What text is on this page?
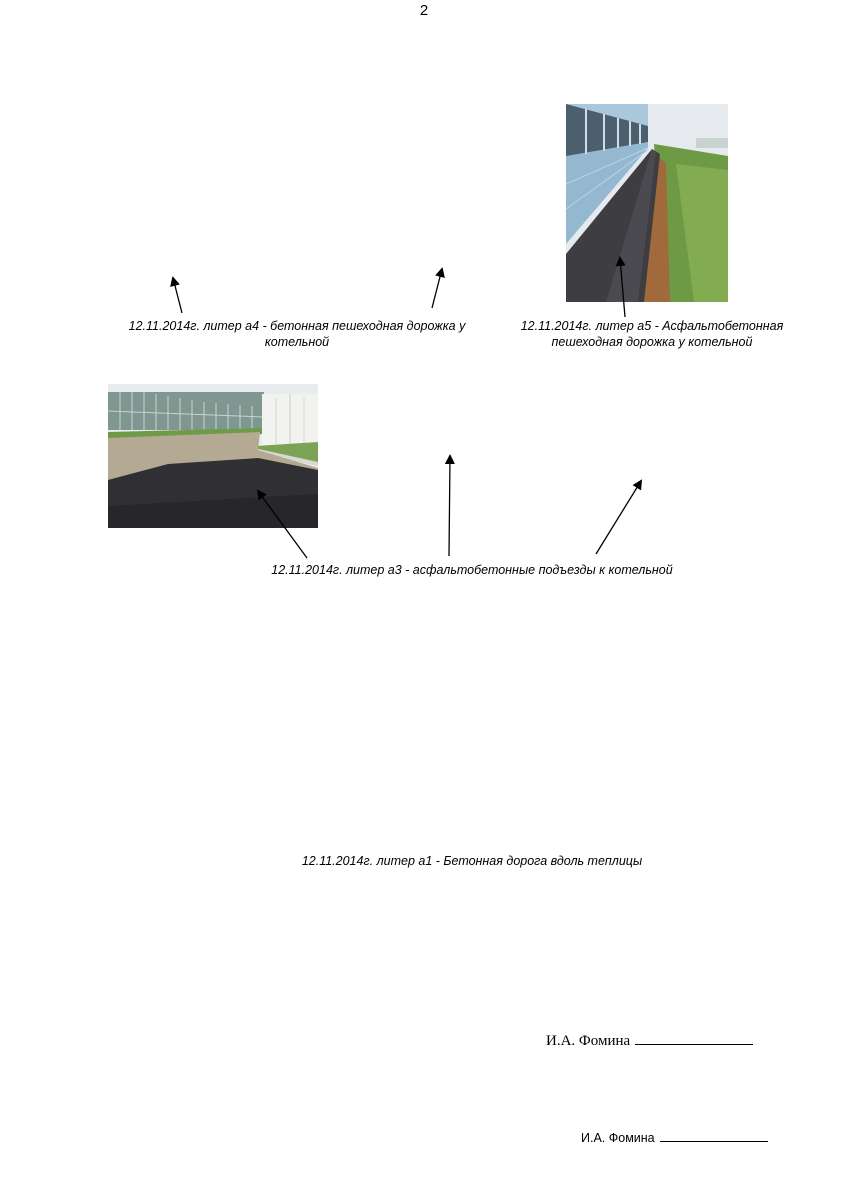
2
12.11.2014г. литер а4 - бетонная пешеходная дорожка у котельной
12.11.2014г. литер а5 - Асфальтобетонная пешеходная дорожка у котельной
12.11.2014г. литер а3 - асфальтобетонные подъезды к котельной
12.11.2014г. литер а1 - Бетонная дорога вдоль теплицы
И.А. Фомина
И.А. Фомина
